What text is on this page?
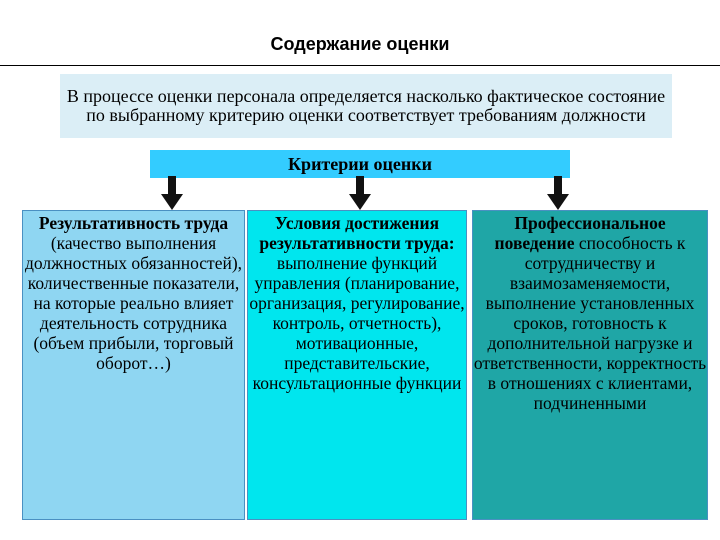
Содержание оценки
В процессе оценки персонала определяется насколько фактическое состояние по выбранному критерию оценки соответствует требованиям должности
Критерии оценки
Результативность труда (качество выполнения должностных обязанностей), количественные показатели, на которые реально влияет деятельность сотрудника (объем прибыли, торговый оборот…)
Условия достижения результативности труда: выполнение функций управления (планирование, организация, регулирование, контроль, отчетность), мотивационные, представительские, консультационные функции
Профессиональное поведение способность к сотрудничеству и взаимозаменяемости, выполнение установленных сроков, готовность к дополнительной нагрузке и ответственности, корректность в отношениях с клиентами, подчиненными
